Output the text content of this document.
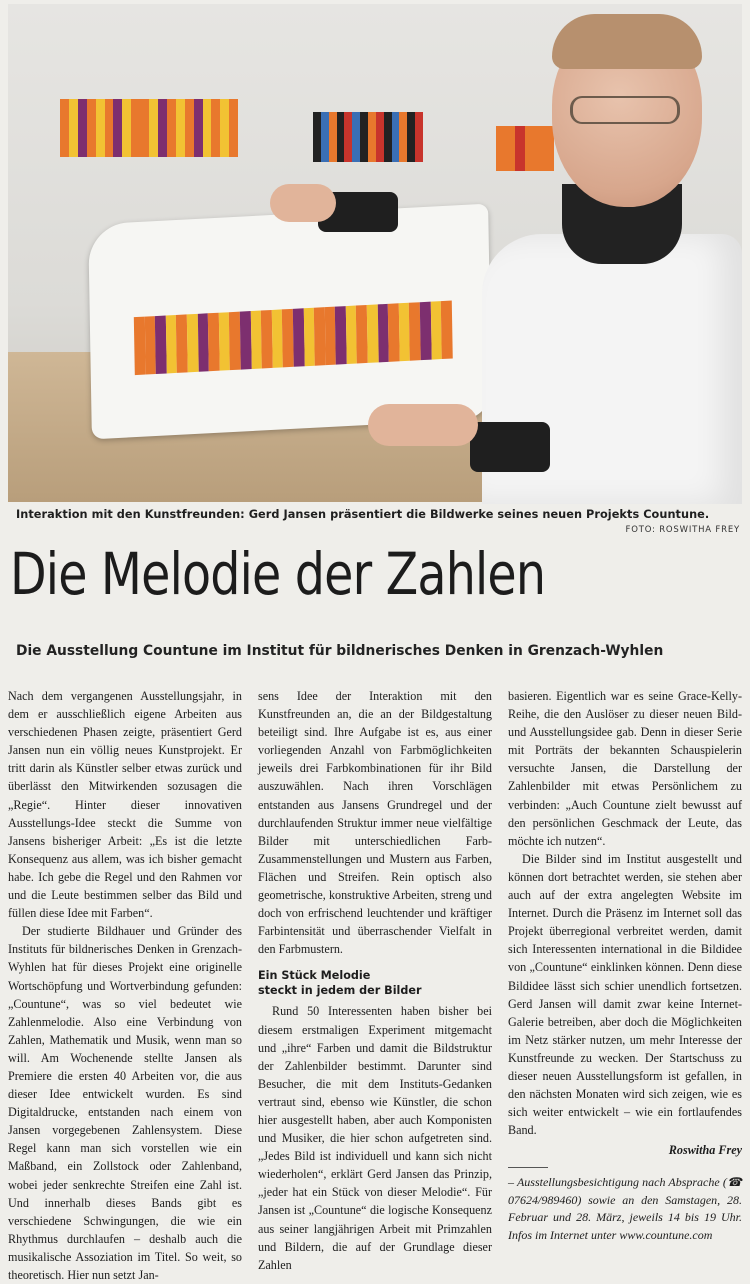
Interaktion mit den Kunstfreunden: Gerd Jansen präsentiert die Bildwerke seines neuen Projekts Countune.
FOTO: ROSWITHA FREY
Die Melodie der Zahlen
Die Ausstellung Countune im Institut für bildnerisches Denken in Grenzach-Wyhlen

Nach dem vergangenen Ausstellungsjahr, in dem er ausschließlich eigene Arbeiten aus verschiedenen Phasen zeigte, präsentiert Gerd Jansen nun ein völlig neues Kunstprojekt. Er tritt darin als Künstler selber etwas zurück und überlässt den Mitwirkenden sozusagen die „Regie“. Hinter dieser innovativen Ausstellungs-Idee steckt die Summe von Jansens bisheriger Arbeit: „Es ist die letzte Konsequenz aus allem, was ich bisher gemacht habe. Ich gebe die Regel und den Rahmen vor und die Leute bestimmen selber das Bild und füllen diese Idee mit Farben“.

Der studierte Bildhauer und Gründer des Instituts für bildnerisches Denken in Grenzach-Wyhlen hat für dieses Projekt eine originelle Wortschöpfung und Wortverbindung gefunden: „Countune“, was so viel bedeutet wie Zahlenmelodie. Also eine Verbindung von Zahlen, Mathematik und Musik, wenn man so will. Am Wochenende stellte Jansen als Premiere die ersten 40 Arbeiten vor, die aus dieser Idee entwickelt wurden. Es sind Digitaldrucke, entstanden nach einem von Jansen vorgegebenen Zahlensystem. Diese Regel kann man sich vorstellen wie ein Maßband, ein Zollstock oder Zahlenband, wobei jeder senkrechte Streifen eine Zahl ist. Und innerhalb dieses Bands gibt es verschiedene Schwingungen, die wie ein Rhythmus durchlaufen – deshalb auch die musikalische Assoziation im Titel. So weit, so theoretisch. Hier nun setzt Jan-

sens Idee der Interaktion mit den Kunstfreunden an, die an der Bildgestaltung beteiligt sind. Ihre Aufgabe ist es, aus einer vorliegenden Anzahl von Farbmöglichkeiten jeweils drei Farbkombinationen für ihr Bild auszuwählen. Nach ihren Vorschlägen entstanden aus Jansens Grundregel und der durchlaufenden Struktur immer neue vielfältige Bilder mit unterschiedlichen Farb-Zusammenstellungen und Mustern aus Farben, Flächen und Streifen. Rein optisch also geometrische, konstruktive Arbeiten, streng und doch von erfrischend leuchtender und kräftiger Farbintensität und überraschender Vielfalt in den Farbmustern.

Ein Stück Melodie
steckt in jedem der Bilder

Rund 50 Interessenten haben bisher bei diesem erstmaligen Experiment mitgemacht und „ihre“ Farben und damit die Bildstruktur der Zahlenbilder bestimmt. Darunter sind Besucher, die mit dem Instituts-Gedanken vertraut sind, ebenso wie Künstler, die schon hier ausgestellt haben, aber auch Komponisten und Musiker, die hier schon aufgetreten sind. „Jedes Bild ist individuell und kann sich nicht wiederholen“, erklärt Gerd Jansen das Prinzip, „jeder hat ein Stück von dieser Melodie“. Für Jansen ist „Countune“ die logische Konsequenz aus seiner langjährigen Arbeit mit Primzahlen und Bildern, die auf der Grundlage dieser Zahlen

basieren. Eigentlich war es seine Grace-Kelly-Reihe, die den Auslöser zu dieser neuen Bild- und Ausstellungsidee gab. Denn in dieser Serie mit Porträts der bekannten Schauspielerin versuchte Jansen, die Darstellung der Zahlenbilder mit etwas Persönlichem zu verbinden: „Auch Countune zielt bewusst auf den persönlichen Geschmack der Leute, das möchte ich nutzen“.

Die Bilder sind im Institut ausgestellt und können dort betrachtet werden, sie stehen aber auch auf der extra angelegten Website im Internet. Durch die Präsenz im Internet soll das Projekt überregional verbreitet werden, damit sich Interessenten international in die Bildidee von „Countune“ einklinken können. Denn diese Bildidee lässt sich schier unendlich fortsetzen. Gerd Jansen will damit zwar keine Internet-Galerie betreiben, aber doch die Möglichkeiten im Netz stärker nutzen, um mehr Interesse der Kunstfreunde zu wecken. Der Startschuss zu dieser neuen Ausstellungsform ist gefallen, in den nächsten Monaten wird sich zeigen, wie es sich weiter entwickelt – wie ein fortlaufendes Band.

Roswitha Frey

– Ausstellungsbesichtigung nach Absprache (☎ 07624/989460) sowie an den Samstagen, 28. Februar und 28. März, jeweils 14 bis 19 Uhr. Infos im Internet unter www.countune.com
